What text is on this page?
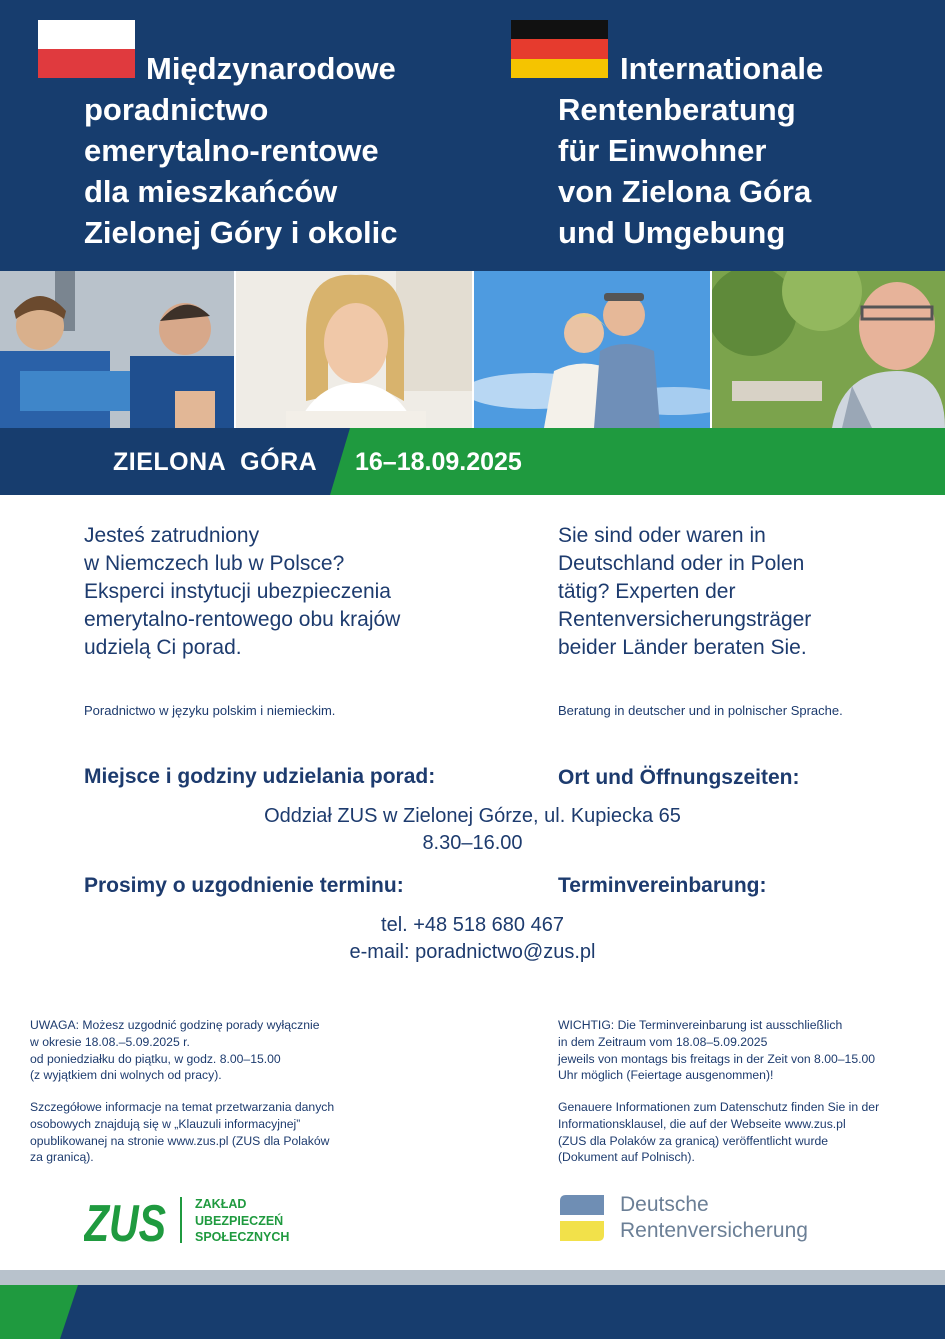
Międzynarodowe
poradnictwo
emerytalno-rentowe
dla mieszkańców
Zielonej Góry i okolic
Internationale
Rentenberatung
für Einwohner
von Zielona Góra
und Umgebung
ZIELONA  GÓRA 16–18.09.2025

Jesteś zatrudniony
w Niemczech lub w Polsce?
Eksperci instytucji ubezpieczenia
emerytalno-rentowego obu krajów
udzielą Ci porad.

Sie sind oder waren in
Deutschland oder in Polen
tätig? Experten der
Rentenversicherungsträger
beider Länder beraten Sie.

Poradnictwo w języku polskim i niemieckim.	Beratung in deutscher und in polnischer Sprache.
Miejsce i godziny udzielania porad:	Ort und Öffnungszeiten:
Oddział ZUS w Zielonej Górze, ul. Kupiecka 65
8.30–16.00
Prosimy o uzgodnienie terminu:	Terminvereinbarung:
tel. +48 518 680 467
e-mail: poradnictwo@zus.pl

UWAGA: Możesz uzgodnić godzinę porady wyłącznie
w okresie 18.08.–5.09.2025 r.
od poniedziałku do piątku, w godz. 8.00–15.00
(z wyjątkiem dni wolnych od pracy).

Szczegółowe informacje na temat przetwarzania danych
osobowych znajdują się w „Klauzuli informacyjnej”
opublikowanej na stronie www.zus.pl (ZUS dla Polaków
za granicą).

WICHTIG: Die Terminvereinbarung ist ausschließlich
in dem Zeitraum vom 18.08–5.09.2025
jeweils von montags bis freitags in der Zeit von 8.00–15.00
Uhr möglich (Feiertage ausgenommen)!

Genauere Informationen zum Datenschutz finden Sie in der
Informationsklausel, die auf der Webseite www.zus.pl
(ZUS dla Polaków za granicą) veröffentlicht wurde
(Dokument auf Polnisch).

ZUS ZAKŁAD
UBEZPIECZEŃ
SPOŁECZNYCH
Deutsche
Rentenversicherung
